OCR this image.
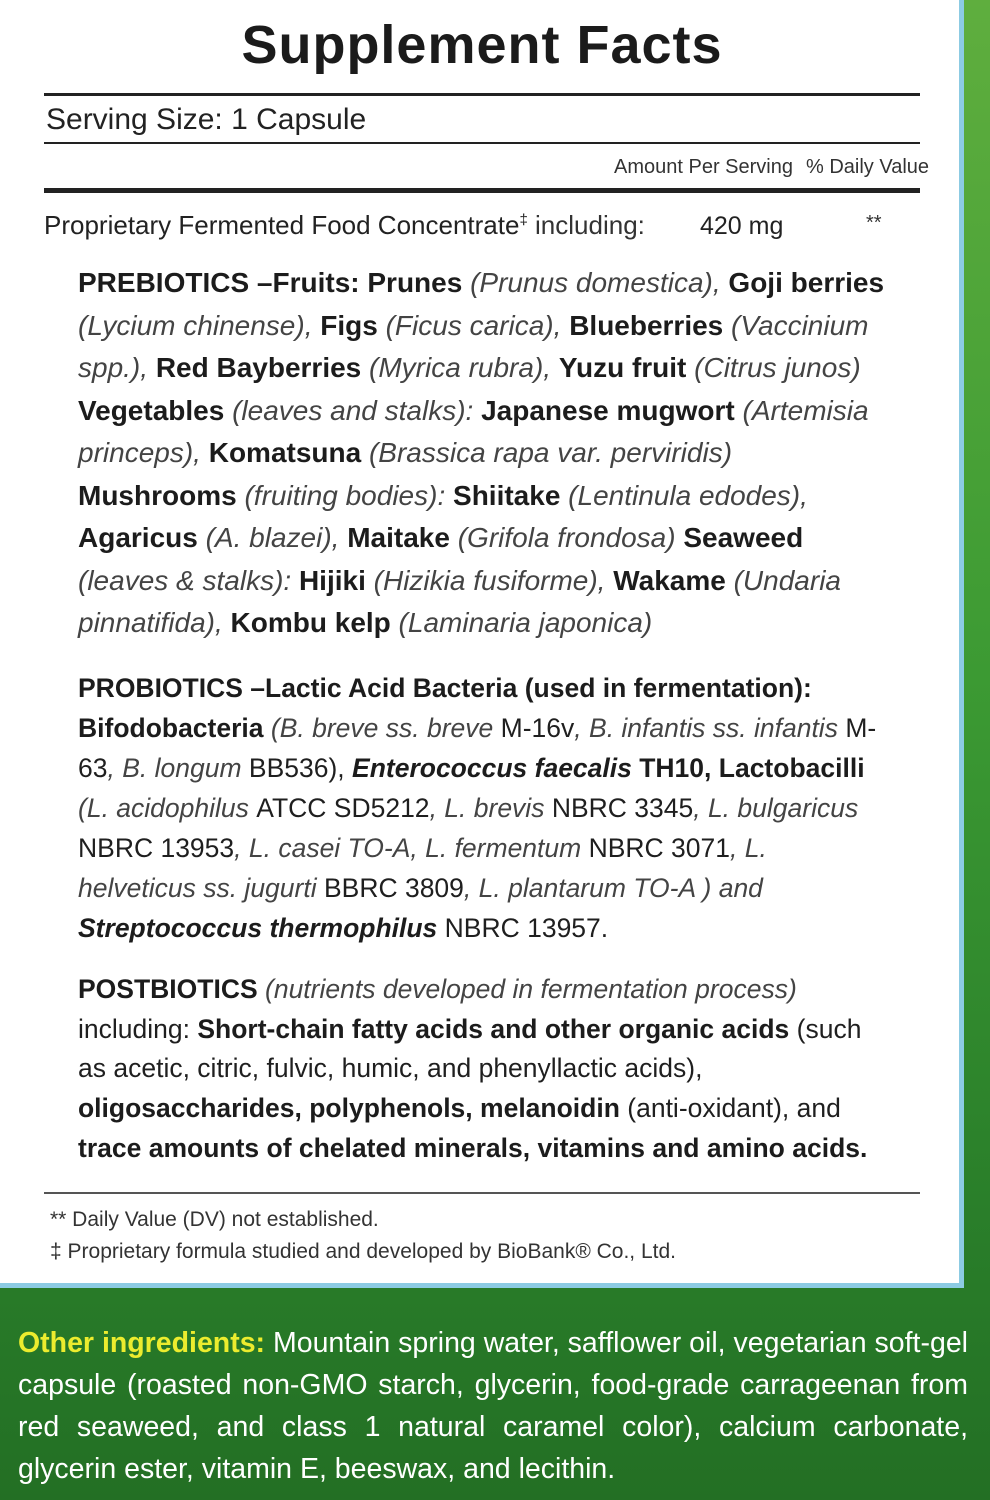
Supplement Facts
Serving Size: 1 Capsule
Amount Per Serving % Daily Value
Proprietary Fermented Food Concentrate‡ including: 420 mg	**
PREBIOTICS –Fruits: Prunes (Prunus domestica), Goji berries (Lycium chinense), Figs (Ficus carica), Blueberries (Vaccinium spp.), Red Bayberries (Myrica rubra), Yuzu fruit (Citrus junos) Vegetables (leaves and stalks): Japanese mugwort (Artemisia princeps), Komatsuna (Brassica rapa var. perviridis) Mushrooms (fruiting bodies): Shiitake (Lentinula edodes), Agaricus (A. blazei), Maitake (Grifola frondosa) Seaweed (leaves & stalks): Hijiki (Hizikia fusiforme), Wakame (Undaria pinnatifida), Kombu kelp (Laminaria japonica)
PROBIOTICS –Lactic Acid Bacteria (used in fermentation): Bifodobacteria (B. breve ss. breve M-16v, B. infantis ss. infantis M-63, B. longum BB536), Enterococcus faecalis TH10, Lactobacilli (L. acidophilus ATCC SD5212, L. brevis NBRC 3345, L. bulgaricus NBRC 13953, L. casei TO-A, L. fermentum NBRC 3071, L. helveticus ss. jugurti BBRC 3809, L. plantarum TO-A ) and Streptococcus thermophilus NBRC 13957.
POSTBIOTICS (nutrients developed in fermentation process) including: Short-chain fatty acids and other organic acids (such as acetic, citric, fulvic, humic, and phenyllactic acids), oligosaccharides, polyphenols, melanoidin (anti-oxidant), and trace amounts of chelated minerals, vitamins and amino acids.
** Daily Value (DV) not established.
‡ Proprietary formula studied and developed by BioBank® Co., Ltd.
Other ingredients: Mountain spring water, safflower oil, vegetarian soft-gel capsule (roasted non-GMO starch, glycerin, food-grade carrageenan from red seaweed, and class 1 natural caramel color), calcium carbonate, glycerin ester, vitamin E, beeswax, and lecithin.
